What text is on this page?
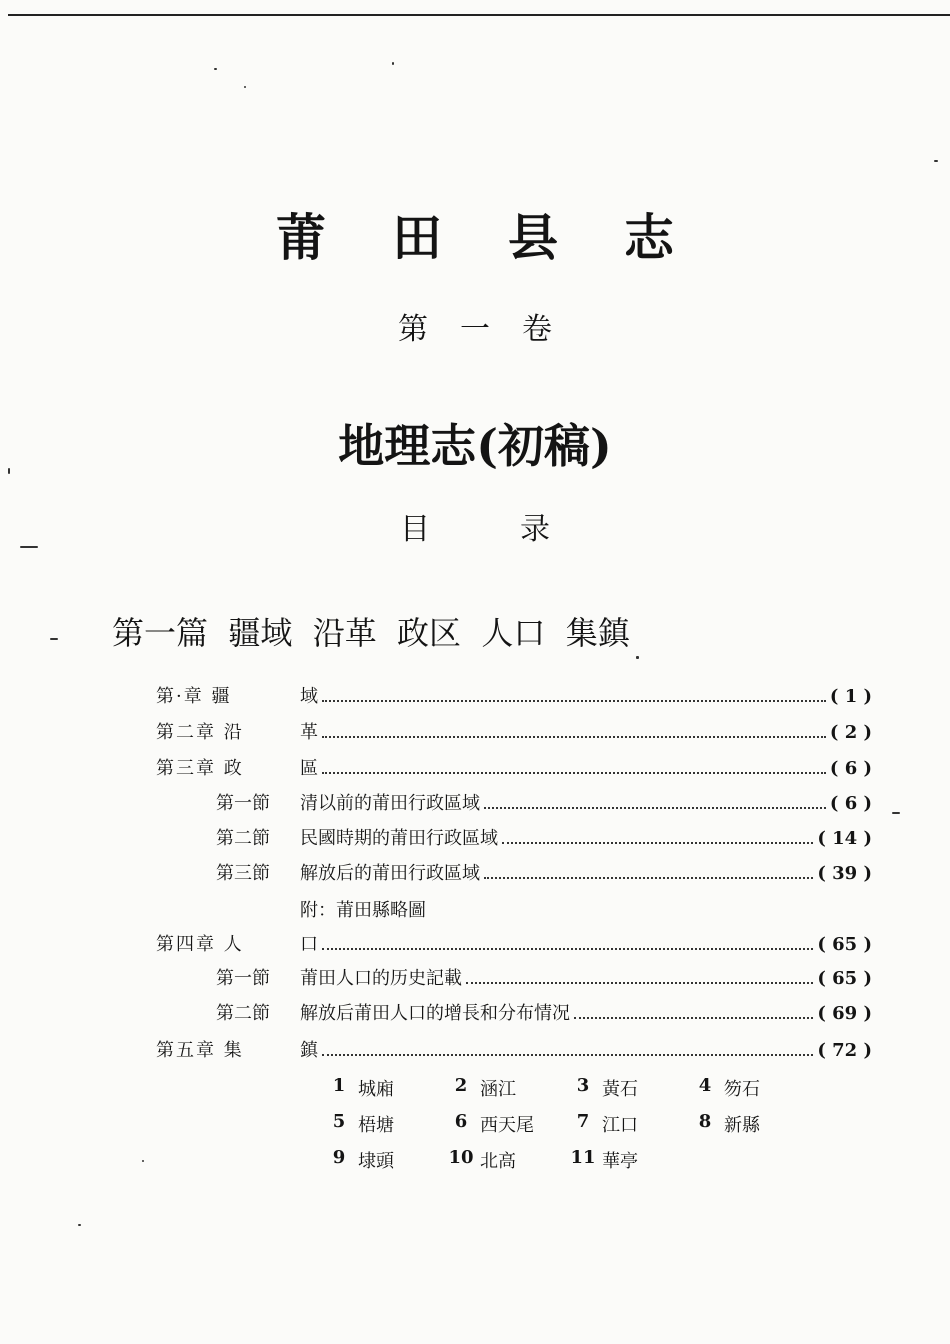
莆田县志
第一卷
地理志(初稿)
目录
第一篇  疆域  沿革  政区  人口  集鎮
第·章 疆	域	( 1 )
第二章 沿	革	( 2 )
第三章 政	區	( 6 )
第一節	清以前的莆田行政區域	( 6 )
第二節	民國時期的莆田行政區域	( 14 )
第三節	解放后的莆田行政區域	( 39 )
附：莆田縣略圖
第四章 人	口	( 65 )
第一節	莆田人口的历史記載	( 65 )
第二節	解放后莆田人口的增長和分布情况	( 69 )
第五章 集	鎮	( 72 )
1 城廂	2 涵江	3 黃石	4 笏石
5 梧塘	6 西天尾	7 江口	8 新縣
9 埭頭	10 北高	11 華亭
